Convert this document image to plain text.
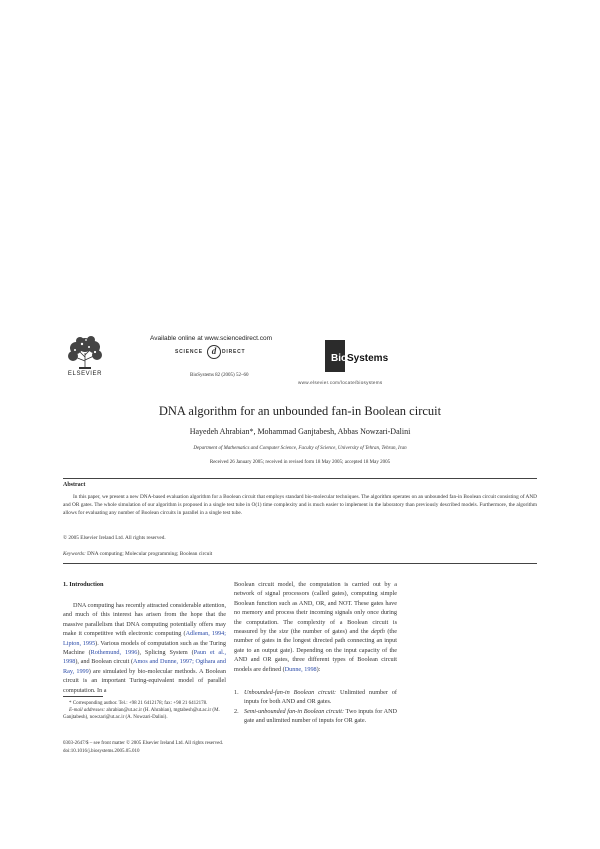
ELSEVIER
Available online at www.sciencedirect.com
SCIENCE d	DIRECT
BioSystems 82 (2005) 52–60
Bio Systems
www.elsevier.com/locate/biosystems
DNA algorithm for an unbounded fan-in Boolean circuit
Hayedeh Ahrabian*, Mohammad Ganjtabesh, Abbas Nowzari-Dalini
Department of Mathematics and Computer Science, Faculty of Science, University of Tehran, Tehran, Iran
Received 26 January 2005; received in revised form 18 May 2005; accepted 18 May 2005
Abstract
In this paper, we present a new DNA-based evaluation algorithm for a Boolean circuit that employs standard bio-molecular techniques. The algorithm operates on an unbounded fan-in Boolean circuit consisting of AND and OR gates. The whole simulation of our algorithm is proposed in a single test tube in O(1) time complexity and is much easier to implement in the laboratory than previously described models. Furthermore, the algorithm allows for evaluating any number of Boolean circuits in parallel in a single test tube.
© 2005 Elsevier Ireland Ltd. All rights reserved.
Keywords: DNA computing; Molecular programming; Boolean circuit
1. Introduction
DNA computing has recently attracted considerable attention, and much of this interest has arisen from the hope that the massive parallelism that DNA computing potentially offers may make it competitive with electronic computing (Adleman, 1994; Lipton, 1995). Various models of computation such as the Turing Machine (Rothemund, 1996), Splicing System (Paun et al., 1998), and Boolean circuit (Amos and Dunne, 1997; Ogihara and Ray, 1999) are simulated by bio-molecular methods. A Boolean circuit is an important Turing-equivalent model of parallel computation. In a
* Corresponding author. Tel.: +98 21 6412178; fax: +98 21 6412178.
E-mail addresses: ahrabian@ut.ac.ir (H. Ahrabian), mgtabesh@ut.ac.ir (M. Ganjtabesh), nowzari@ut.ac.ir (A. Nowzari-Dalini).
Boolean circuit model, the computation is carried out by a network of signal processors (called gates), computing simple Boolean function such as AND, OR, and NOT. These gates have no memory and process their incoming signals only once during the computation. The complexity of a Boolean circuit is measured by the size (the number of gates) and the depth (the number of gates in the longest directed path connecting an input gate to an output gate). Depending on the input capacity of the AND and OR gates, three different types of Boolean circuit models are defined (Dunne, 1998):
1. Unbounded-fan-in Boolean circuit: Unlimited number of inputs for both AND and OR gates.
2. Semi-unbounded fan-in Boolean circuit: Two inputs for AND gate and unlimited number of inputs for OR gate.
0303-2647/$ – see front matter © 2005 Elsevier Ireland Ltd. All rights reserved.
doi:10.1016/j.biosystems.2005.05.010
